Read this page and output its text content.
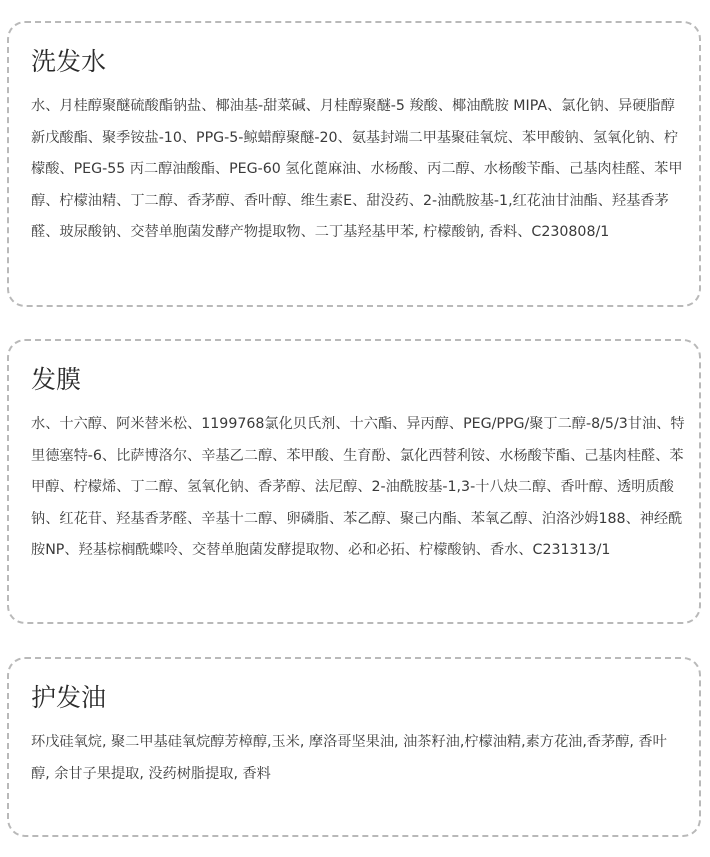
洗发水

水、月桂醇聚醚硫酸酯钠盐、椰油基-甜菜碱、月桂醇聚醚-5 羧酸、椰油酰胺 MIPA、氯化钠、异硬脂醇新戊酸酯、聚季铵盐-10、PPG-5-鲸蜡醇聚醚-20、氨基封端二甲基聚硅氧烷、苯甲酸钠、氢氧化钠、柠檬酸、PEG-55 丙二醇油酸酯、PEG-60 氢化蓖麻油、水杨酸、丙二醇、水杨酸苄酯、己基肉桂醛、苯甲醇、柠檬油精、丁二醇、香茅醇、香叶醇、维生素E、甜没药、2-油酰胺基-1,红花油甘油酯、羟基香茅醛、玻尿酸钠、交替单胞菌发酵产物提取物、二丁基羟基甲苯, 柠檬酸钠, 香料、C230808/1

发膜

水、十六醇、阿米替米松、1199768氯化贝氏剂、十六酯、异丙醇、PEG/PPG/聚丁二醇-8/5/3甘油、特里德塞特-6、比萨博洛尔、辛基乙二醇、苯甲酸、生育酚、氯化西替利铵、水杨酸苄酯、己基肉桂醛、苯甲醇、柠檬烯、丁二醇、氢氧化钠、香茅醇、法尼醇、2-油酰胺基-1,3-十八炔二醇、香叶醇、透明质酸钠、红花苷、羟基香茅醛、辛基十二醇、卵磷脂、苯乙醇、聚己内酯、苯氧乙醇、泊洛沙姆188、神经酰胺NP、羟基棕榈酰蝶呤、交替单胞菌发酵提取物、必和必拓、柠檬酸钠、香水、C231313/1

护发油

环戊硅氧烷, 聚二甲基硅氧烷醇芳樟醇,玉米, 摩洛哥坚果油, 油茶籽油,柠檬油精,素方花油,香茅醇, 香叶醇, 余甘子果提取, 没药树脂提取, 香料
